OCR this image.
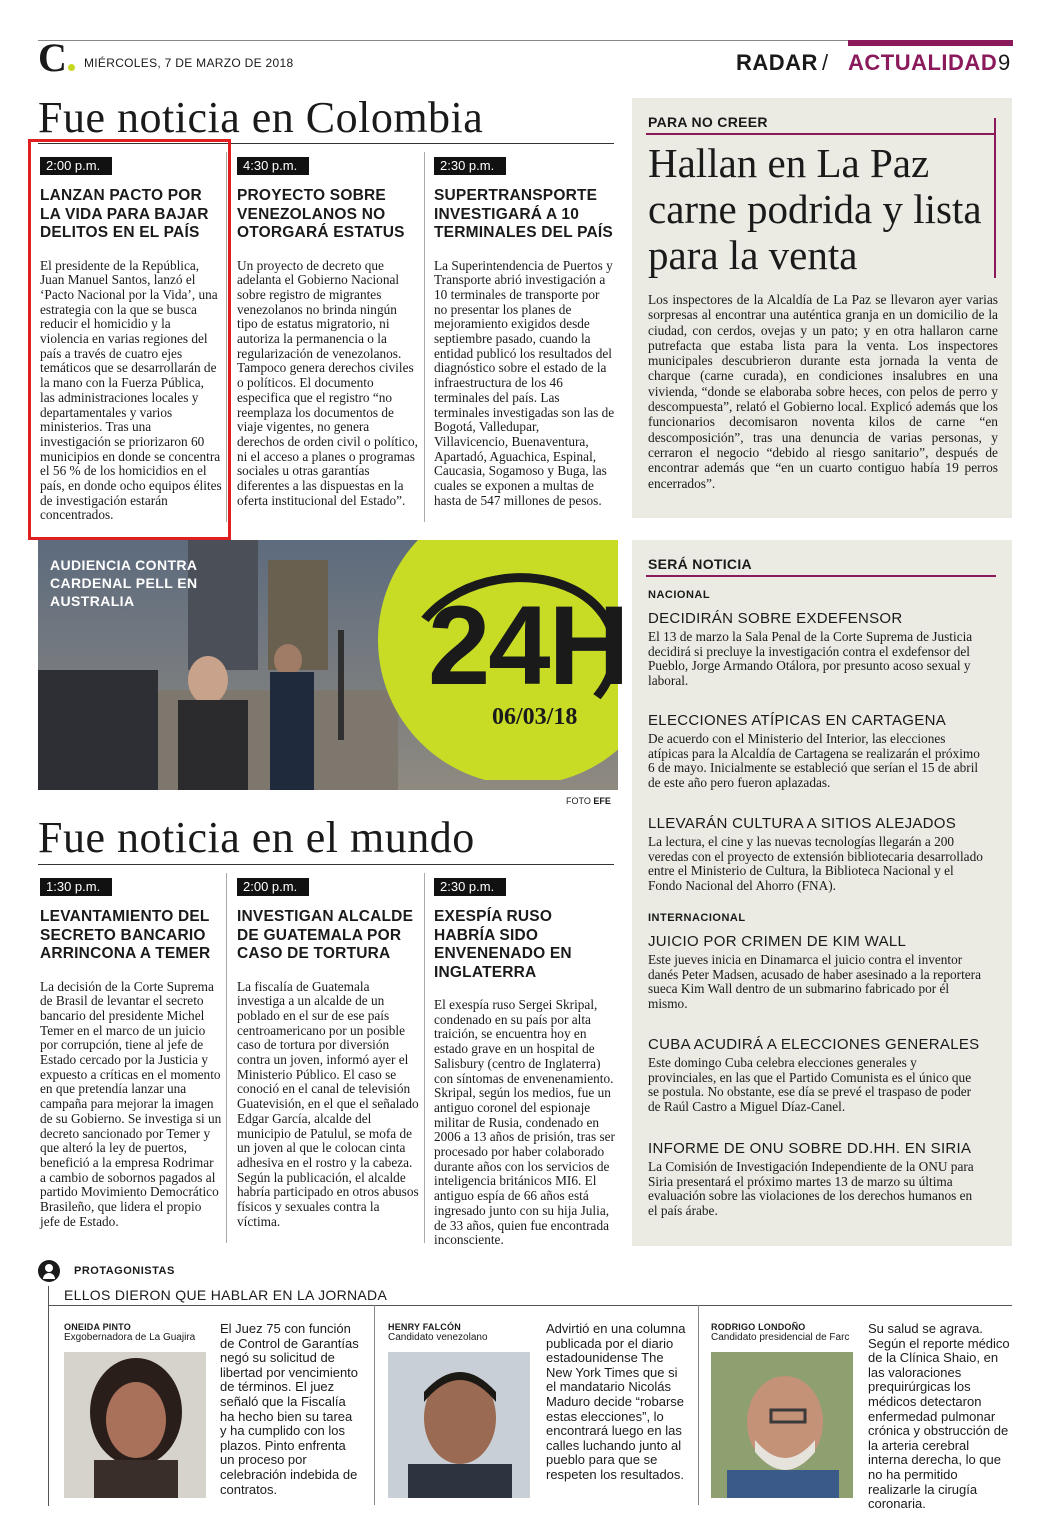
C	MIÉRCOLES, 7 DE MARZO DE 2018	RADAR / ACTUALIDAD 9
Fue noticia en Colombia
2:00 p.m.
LANZAN PACTO POR LA VIDA PARA BAJAR DELITOS EN EL PAÍS
El presidente de la República, Juan Manuel Santos, lanzó el ‘Pacto Nacional por la Vida’, una estrategia con la que se busca reducir el homicidio y la violencia en varias regiones del país a través de cuatro ejes temáticos que se desarrollarán de la mano con la Fuerza Pública, las administraciones locales y departamentales y varios ministerios. Tras una investigación se priorizaron 60 municipios en donde se concentra el 56 % de los homicidios en el país, en donde ocho equipos élites de investigación estarán concentrados.
4:30 p.m.
PROYECTO SOBRE VENEZOLANOS NO OTORGARÁ ESTATUS
Un proyecto de decreto que adelanta el Gobierno Nacional sobre registro de migrantes venezolanos no brinda ningún tipo de estatus migratorio, ni autoriza la permanencia o la regularización de venezolanos. Tampoco genera derechos civiles o políticos. El documento especifica que el registro “no reemplaza los documentos de viaje vigentes, no genera derechos de orden civil o político, ni el acceso a planes o programas sociales u otras garantías diferentes a las dispuestas en la oferta institucional del Estado”.
2:30 p.m.
SUPERTRANSPORTE INVESTIGARÁ A 10 TERMINALES DEL PAÍS
La Superintendencia de Puertos y Transporte abrió investigación a 10 terminales de transporte por no presentar los planes de mejoramiento exigidos desde septiembre pasado, cuando la entidad publicó los resultados del diagnóstico sobre el estado de la infraestructura de los 46 terminales del país. Las terminales investigadas son las de Bogotá, Valledupar, Villavicencio, Buenaventura, Apartadó, Aguachica, Espinal, Caucasia, Sogamoso y Buga, las cuales se exponen a multas de hasta de 547 millones de pesos.
PARA NO CREER
Hallan en La Paz carne podrida y lista para la venta
Los inspectores de la Alcaldía de La Paz se llevaron ayer varias sorpresas al encontrar una auténtica granja en un domicilio de la ciudad, con cerdos, ovejas y un pato; y en otra hallaron carne putrefacta que estaba lista para la venta. Los inspectores municipales descubrieron durante esta jornada la venta de charque (carne curada), en condiciones insalubres en una vivienda, “donde se elaboraba sobre heces, con pelos de perro y descompuesta”, relató el Gobierno local. Explicó además que los funcionarios decomisaron noventa kilos de carne “en descomposición”, tras una denuncia de varias personas, y cerraron el negocio “debido al riesgo sanitario”, después de encontrar además que “en un cuarto contiguo había 19 perros encerrados”.
AUDIENCIA CONTRA CARDENAL PELL EN AUSTRALIA	24H
06/03/18
FOTO EFE
SERÁ NOTICIA
NACIONAL
DECIDIRÁN SOBRE EXDEFENSOR
El 13 de marzo la Sala Penal de la Corte Suprema de Justicia decidirá si precluye la investigación contra el exdefensor del Pueblo, Jorge Armando Otálora, por presunto acoso sexual y laboral.
ELECCIONES ATÍPICAS EN CARTAGENA
De acuerdo con el Ministerio del Interior, las elecciones atípicas para la Alcaldía de Cartagena se realizarán el próximo 6 de mayo. Inicialmente se estableció que serían el 15 de abril de este año pero fueron aplazadas.
LLEVARÁN CULTURA A SITIOS ALEJADOS
La lectura, el cine y las nuevas tecnologías llegarán a 200 veredas con el proyecto de extensión bibliotecaria desarrollado entre el Ministerio de Cultura, la Biblioteca Nacional y el Fondo Nacional del Ahorro (FNA).
INTERNACIONAL
JUICIO POR CRIMEN DE KIM WALL
Este jueves inicia en Dinamarca el juicio contra el inventor danés Peter Madsen, acusado de haber asesinado a la reportera sueca Kim Wall dentro de un submarino fabricado por él mismo.
CUBA ACUDIRÁ A ELECCIONES GENERALES
Este domingo Cuba celebra elecciones generales y provinciales, en las que el Partido Comunista es el único que se postula. No obstante, ese día se prevé el traspaso de poder de Raúl Castro a Miguel Díaz-Canel.
INFORME DE ONU SOBRE DD.HH. EN SIRIA
La Comisión de Investigación Independiente de la ONU para Siria presentará el próximo martes 13 de marzo su última evaluación sobre las violaciones de los derechos humanos en el país árabe.
Fue noticia en el mundo
1:30 p.m.
LEVANTAMIENTO DEL SECRETO BANCARIO ARRINCONA A TEMER
La decisión de la Corte Suprema de Brasil de levantar el secreto bancario del presidente Michel Temer en el marco de un juicio por corrupción, tiene al jefe de Estado cercado por la Justicia y expuesto a críticas en el momento en que pretendía lanzar una campaña para mejorar la imagen de su Gobierno. Se investiga si un decreto sancionado por Temer y que alteró la ley de puertos, benefició a la empresa Rodrimar a cambio de sobornos pagados al partido Movimiento Democrático Brasileño, que lidera el propio jefe de Estado.
2:00 p.m.
INVESTIGAN ALCALDE DE GUATEMALA POR CASO DE TORTURA
La fiscalía de Guatemala investiga a un alcalde de un poblado en el sur de ese país centroamericano por un posible caso de tortura por diversión contra un joven, informó ayer el Ministerio Público. El caso se conoció en el canal de televisión Guatevisión, en el que el señalado Edgar García, alcalde del municipio de Patulul, se mofa de un joven al que le colocan cinta adhesiva en el rostro y la cabeza. Según la publicación, el alcalde habría participado en otros abusos físicos y sexuales contra la víctima.
2:30 p.m.
EXESPÍA RUSO HABRÍA SIDO ENVENENADO EN INGLATERRA
El exespía ruso Sergei Skripal, condenado en su país por alta traición, se encuentra hoy en estado grave en un hospital de Salisbury (centro de Inglaterra) con síntomas de envenenamiento. Skripal, según los medios, fue un antiguo coronel del espionaje militar de Rusia, condenado en 2006 a 13 años de prisión, tras ser procesado por haber colaborado durante años con los servicios de inteligencia británicos MI6. El antiguo espía de 66 años está ingresado junto con su hija Julia, de 33 años, quien fue encontrada inconsciente.
PROTAGONISTAS
ELLOS DIERON QUE HABLAR EN LA JORNADA
ONEIDA PINTO
Exgobernadora de La Guajira
El Juez 75 con función de Control de Garantías negó su solicitud de libertad por vencimiento de términos. El juez señaló que la Fiscalía ha hecho bien su tarea y ha cumplido con los plazos. Pinto enfrenta un proceso por celebración indebida de contratos.
HENRY FALCÓN
Candidato venezolano
Advirtió en una columna publicada por el diario estadounidense The New York Times que si el mandatario Nicolás Maduro decide “robarse estas elecciones”, lo encontrará luego en las calles luchando junto al pueblo para que se respeten los resultados.
RODRIGO LONDOÑO
Candidato presidencial de Farc
Su salud se agrava. Según el reporte médico de la Clínica Shaio, en las valoraciones prequirúrgicas los médicos detectaron enfermedad pulmonar crónica y obstrucción de la arteria cerebral interna derecha, lo que no ha permitido realizarle la cirugía coronaria.
